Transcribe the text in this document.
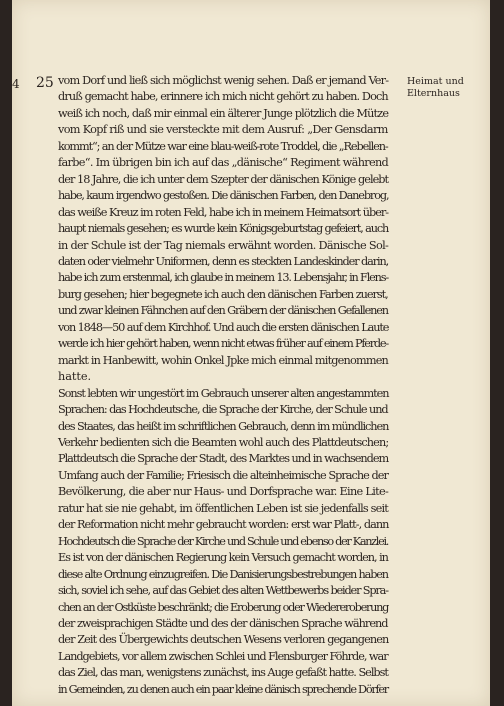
4 25 vom Dorf und ließ sich möglichst wenig sehen. Daß er jemand Ver-
druß gemacht habe, erinnere ich mich nicht gehört zu haben. Doch
weiß ich noch, daß mir einmal ein älterer Junge plötzlich die Mütze
vom Kopf riß und sie versteckte mit dem Ausruf: „Der Gensdarm
kommt“; an der Mütze war eine blau-weiß-rote Troddel, die „Rebellen-
farbe“. Im übrigen bin ich auf das „dänische“ Regiment während
der 18 Jahre, die ich unter dem Szepter der dänischen Könige gelebt
habe, kaum irgendwo gestoßen. Die dänischen Farben, den Danebrog,
das weiße Kreuz im roten Feld, habe ich in meinem Heimatsort über-
haupt niemals gesehen; es wurde kein Königsgeburtstag gefeiert, auch
in der Schule ist der Tag niemals erwähnt worden. Dänische Sol-
daten oder vielmehr Uniformen, denn es steckten Landeskinder darin,
habe ich zum erstenmal, ich glaube in meinem 13. Lebensjahr, in Flens-
burg gesehen; hier begegnete ich auch den dänischen Farben zuerst,
und zwar kleinen Fähnchen auf den Gräbern der dänischen Gefallenen
von 1848—50 auf dem Kirchhof. Und auch die ersten dänischen Laute
werde ich hier gehört haben, wenn nicht etwas früher auf einem Pferde-
markt in Hanbewitt, wohin Onkel Jpke mich einmal mitgenommen
hatte.
Sonst lebten wir ungestört im Gebrauch unserer alten angestammten
Sprachen: das Hochdeutsche, die Sprache der Kirche, der Schule und
des Staates, das heißt im schriftlichen Gebrauch, denn im mündlichen
Verkehr bedienten sich die Beamten wohl auch des Plattdeutschen;
Plattdeutsch die Sprache der Stadt, des Marktes und in wachsendem
Umfang auch der Familie; Friesisch die alteinheimische Sprache der
Bevölkerung, die aber nur Haus- und Dorfsprache war. Eine Lite-
ratur hat sie nie gehabt, im öffentlichen Leben ist sie jedenfalls seit
der Reformation nicht mehr gebraucht worden: erst war Platt-, dann
Hochdeutsch die Sprache der Kirche und Schule und ebenso der Kanzlei.
Es ist von der dänischen Regierung kein Versuch gemacht worden, in
diese alte Ordnung einzugreifen. Die Danisierungsbestrebungen haben
sich, soviel ich sehe, auf das Gebiet des alten Wettbewerbs beider Spra-
chen an der Ostküste beschränkt; die Eroberung oder Wiedereroberung
der zweisprachigen Städte und des der dänischen Sprache während
der Zeit des Übergewichts deutschen Wesens verloren gegangenen
Landgebiets, vor allem zwischen Schlei und Flensburger Föhrde, war
das Ziel, das man, wenigstens zunächst, ins Auge gefaßt hatte. Selbst
in Gemeinden, zu denen auch ein paar kleine dänisch sprechende Dörfer
Heimat und
Elternhaus
